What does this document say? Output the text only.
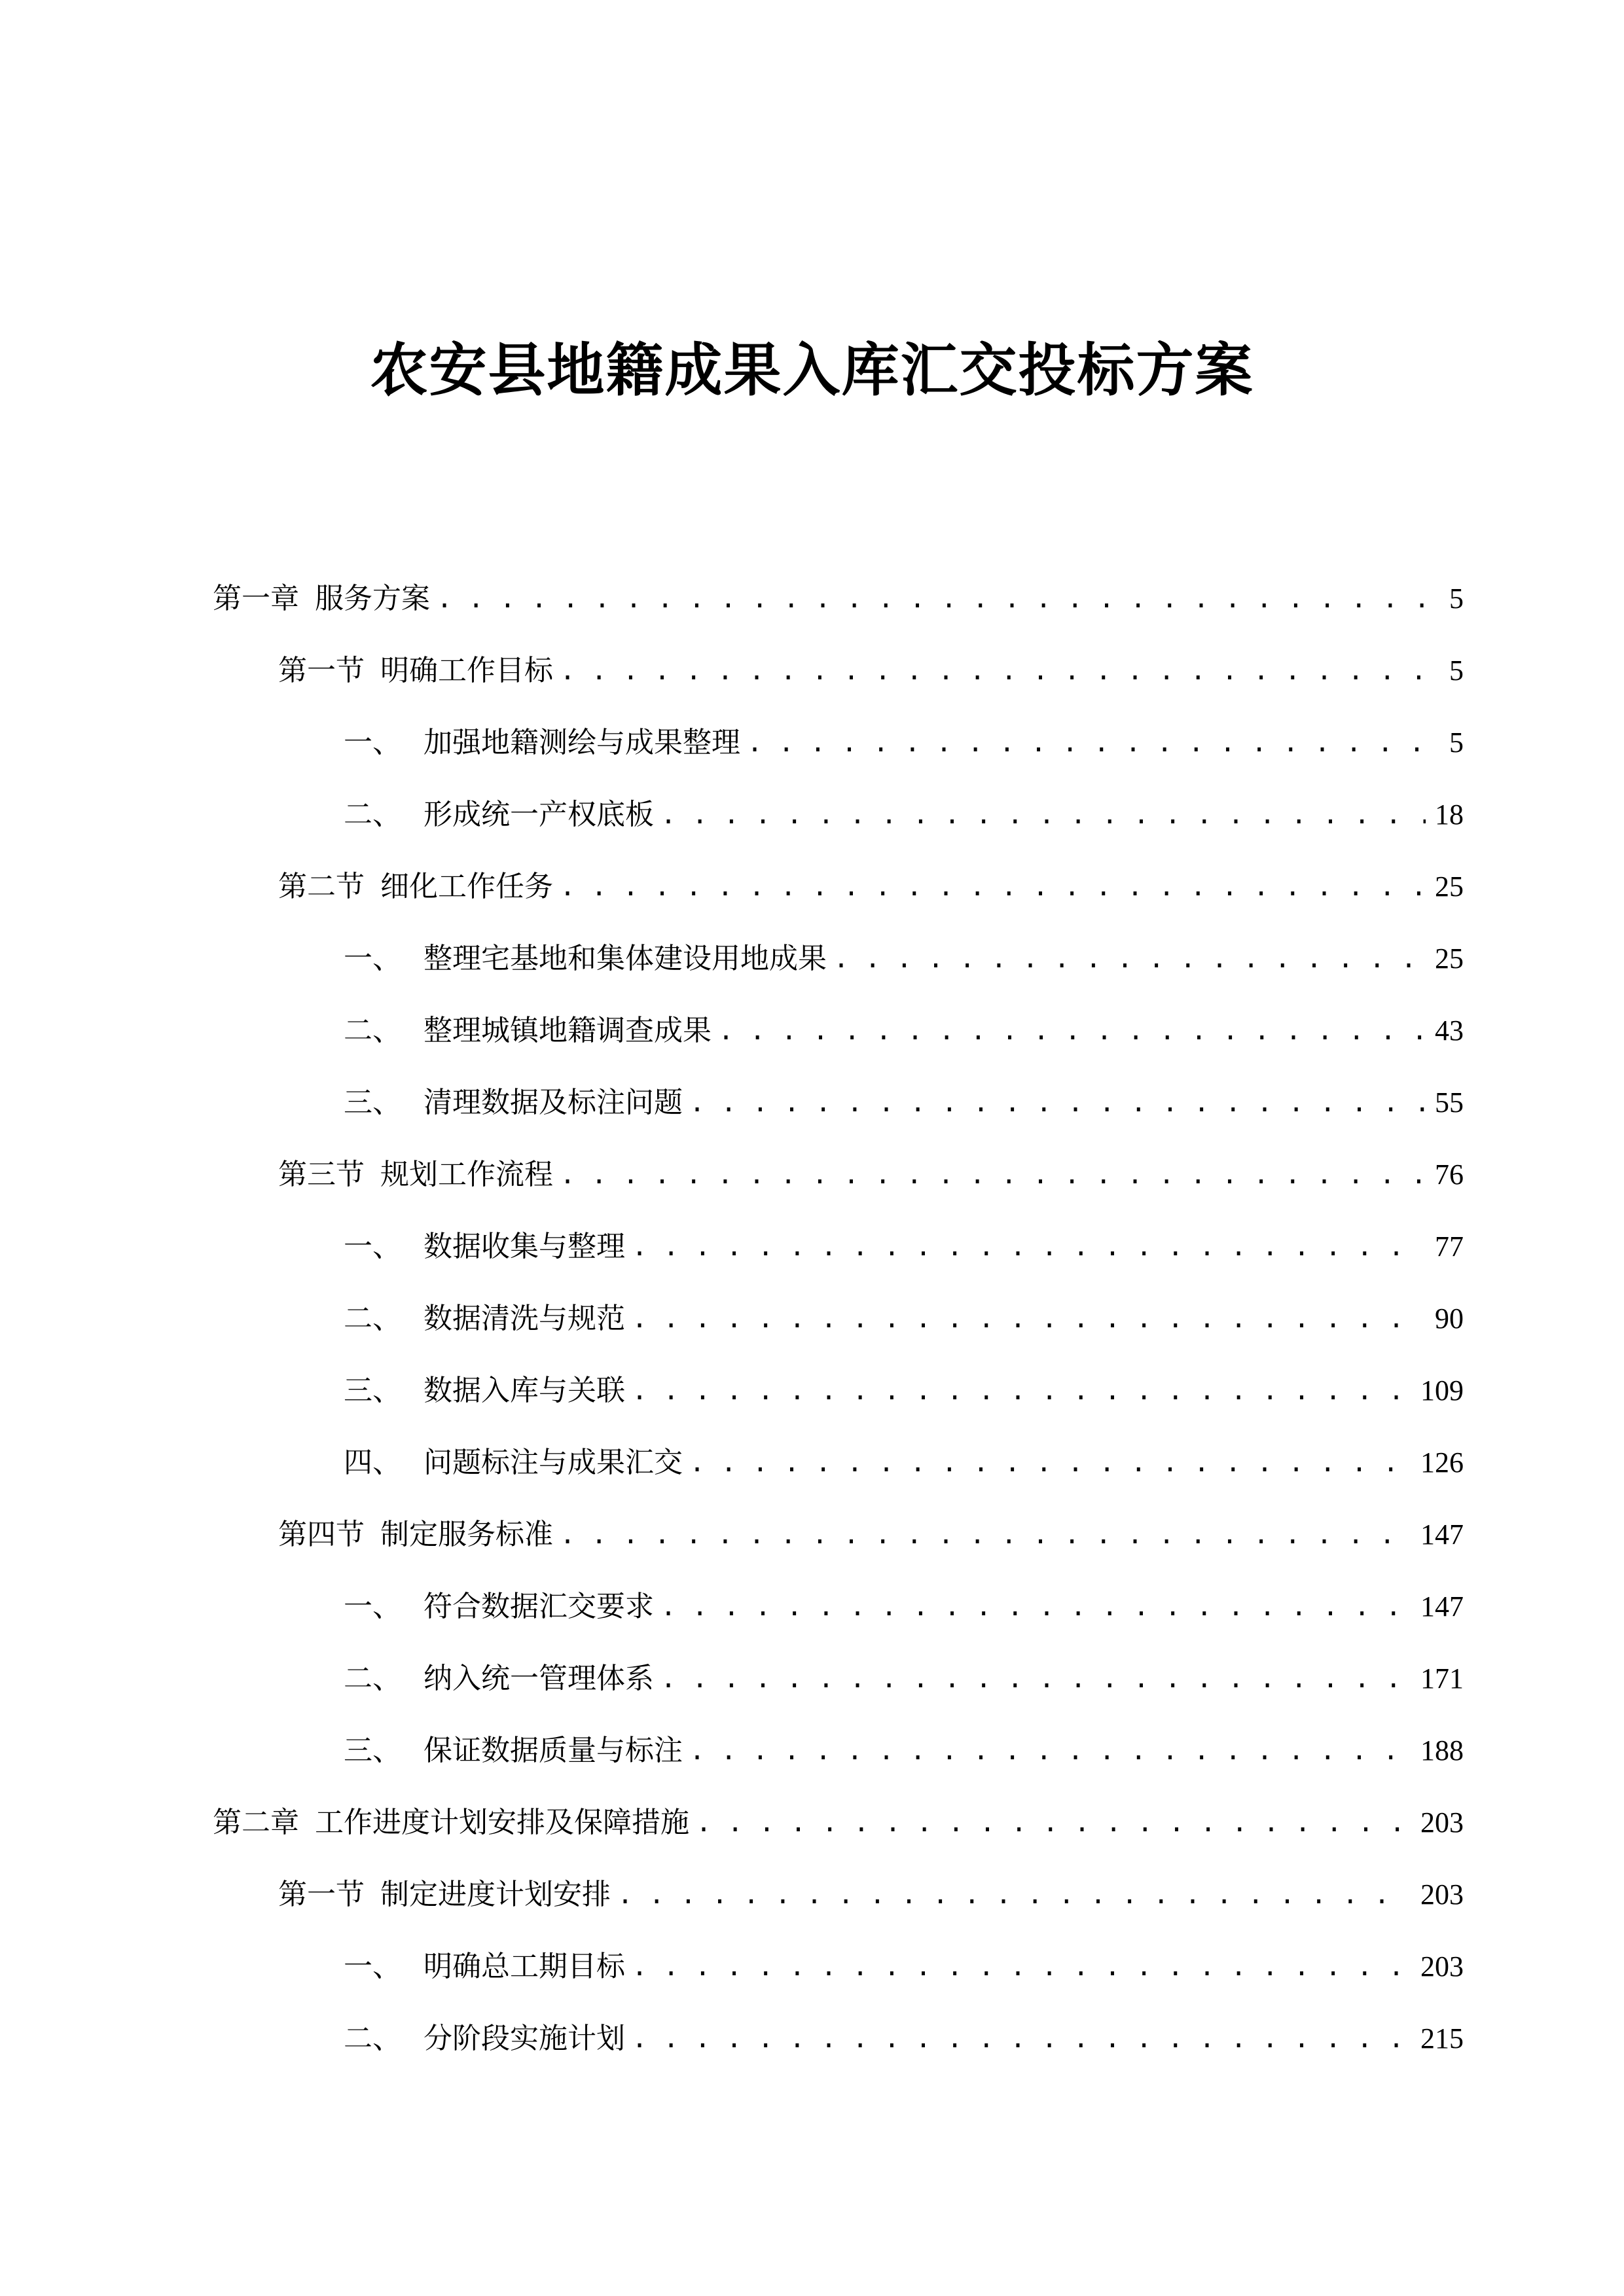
农安县地籍成果入库汇交投标方案
第一章 服务方案 . . .	5
第一节 明确工作目标 . . .	5
一、 加强地籍测绘与成果整理 . . .	5
二、 形成统一产权底板 . . .	18
第二节 细化工作任务 . . .	25
一、 整理宅基地和集体建设用地成果 . . .	25
二、 整理城镇地籍调查成果 . . .	43
三、 清理数据及标注问题 . . .	55
第三节 规划工作流程 . . .	76
一、 数据收集与整理 . . .	77
二、 数据清洗与规范 . . .	90
三、 数据入库与关联 . . .	109
四、 问题标注与成果汇交 . . .	126
第四节 制定服务标准 . . .	147
一、 符合数据汇交要求 . . .	147
二、 纳入统一管理体系 . . .	171
三、 保证数据质量与标注 . . .	188
第二章 工作进度计划安排及保障措施 . . .	203
第一节 制定进度计划安排 . . .	203
一、 明确总工期目标 . . .	203
二、 分阶段实施计划 . . .	215
